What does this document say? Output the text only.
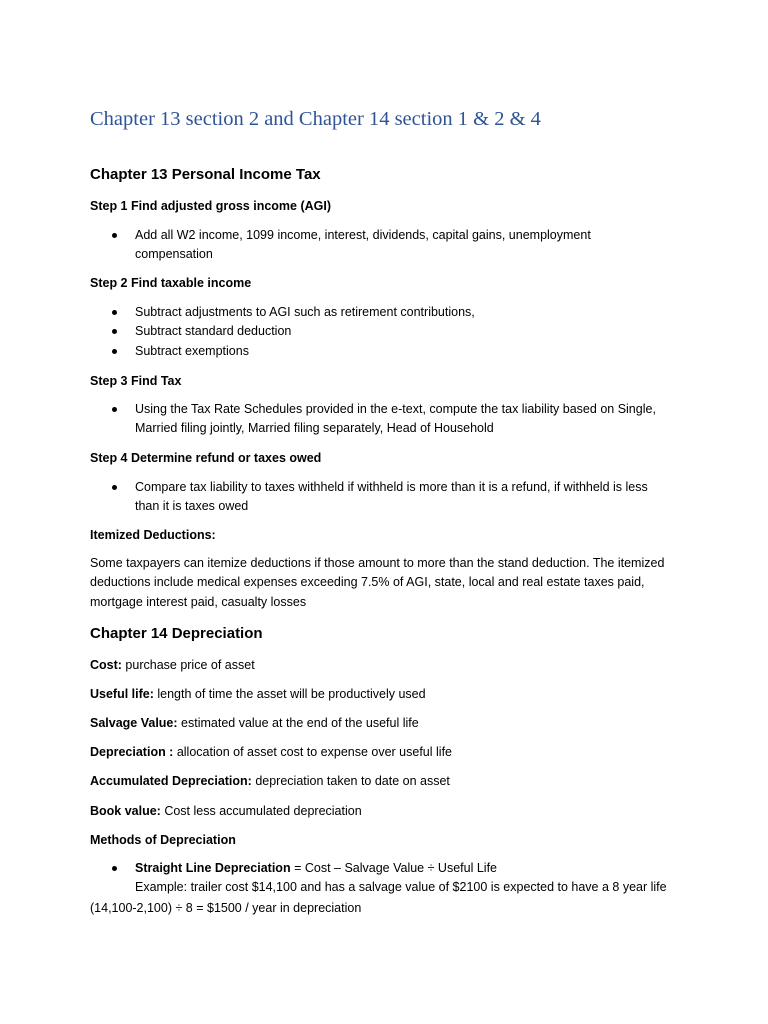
Chapter 13 section 2 and Chapter 14 section 1 & 2 & 4
Chapter 13 Personal Income Tax

Step 1 Find adjusted gross income (AGI)

Add all W2 income, 1099 income, interest, dividends, capital gains, unemployment compensation

Step 2 Find taxable income

Subtract adjustments to AGI such as retirement contributions,
Subtract standard deduction
Subtract exemptions

Step 3 Find Tax

Using the Tax Rate Schedules provided in the e-text, compute the tax liability based on Single, Married filing jointly, Married filing separately, Head of Household

Step 4 Determine refund or taxes owed

Compare tax liability to taxes withheld if withheld is more than it is a refund, if withheld is less than it is taxes owed

Itemized Deductions:

Some taxpayers can itemize deductions if those amount to more than the stand deduction. The itemized deductions include medical expenses exceeding 7.5% of AGI, state, local and real estate taxes paid, mortgage interest paid, casualty losses

Chapter 14 Depreciation

Cost: purchase price of asset

Useful life: length of time the asset will be productively used

Salvage Value: estimated value at the end of the useful life

Depreciation : allocation of asset cost to expense over useful life

Accumulated Depreciation: depreciation taken to date on asset

Book value: Cost less accumulated depreciation

Methods of Depreciation

Straight Line Depreciation = Cost – Salvage Value ÷ Useful Life
Example: trailer cost $14,100 and has a salvage value of $2100 is expected to have a 8 year life

(14,100-2,100) ÷ 8 = $1500 / year in depreciation
